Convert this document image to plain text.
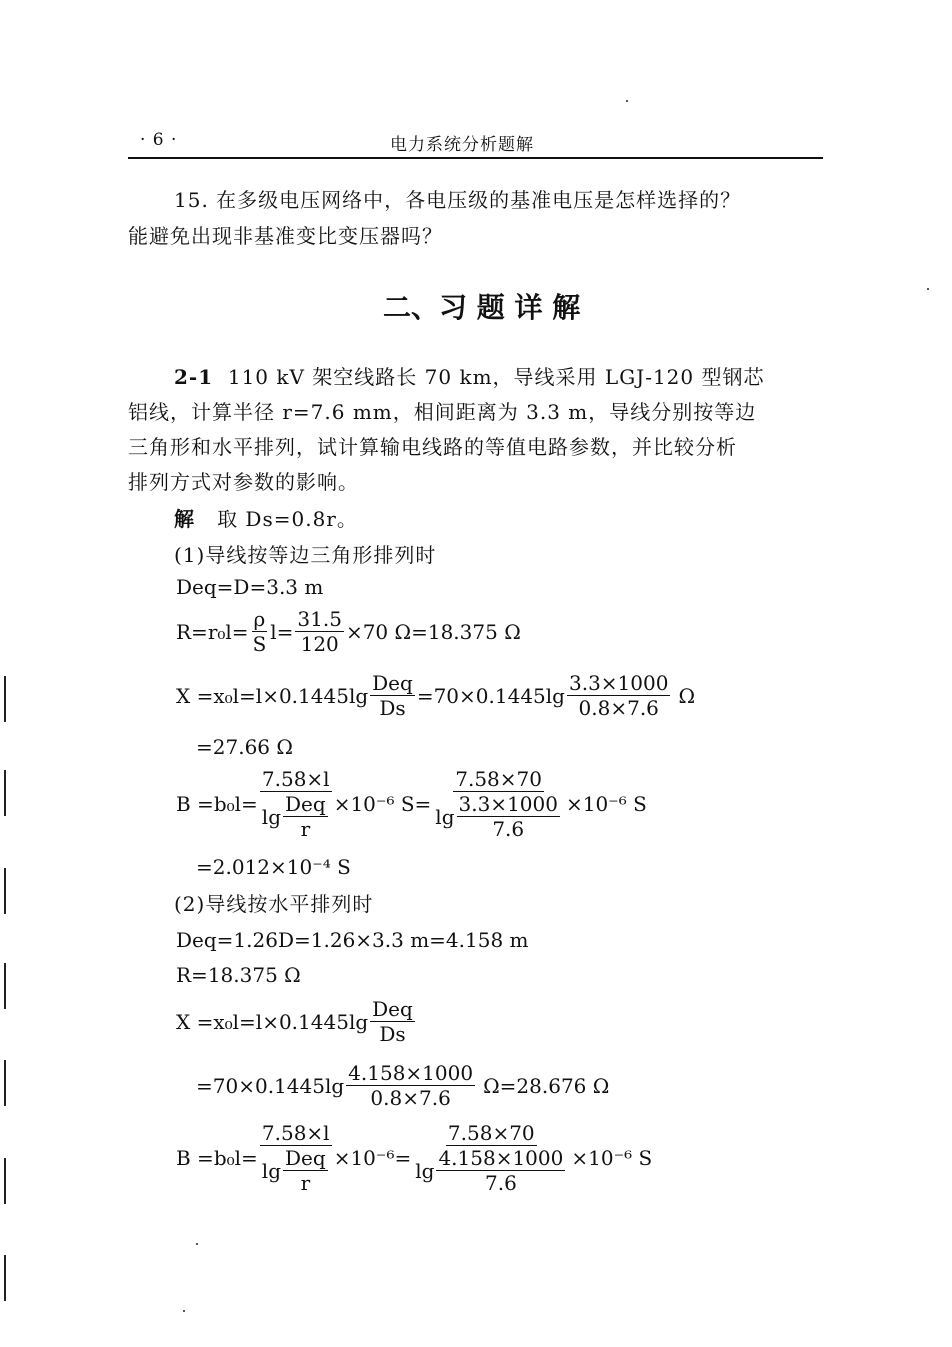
· 6 ·	电力系统分析题解
15. 在多级电压网络中，各电压级的基准电压是怎样选择的？
能避免出现非基准变比变压器吗？
二、习 题 详 解
2-1 110 kV 架空线路长 70 km，导线采用 LGJ-120 型钢芯
铝线，计算半径 r=7.6 mm，相间距离为 3.3 m，导线分别按等边
三角形和水平排列，试计算输电线路的等值电路参数，并比较分析
排列方式对参数的影响。
解 取 Ds=0.8r。
(1)导线按等边三角形排列时
Deq=D=3.3 m
$R=r_0l= \frac{\rho}{S} l= \frac{31.5}{120} \times 70$ Ω=18.375 Ω
$X =x_0l=l\times 0.1445\lg \frac{\text{Deq}}{Ds} =70\times 0.1445\lg \frac{3.3\times 1000}{0.8\times 7.6}$ Ω
=27.66 Ω
$B =b_0l= \frac{7.58\times l}{\lg \frac{\text{Deq}}{r}} \times 10^{-6}$ $S= \frac{7.58\times 70}{\lg \frac{3.3\times 1000}{7.6}} \times 10^{-6}$ S
=2.012×10⁻⁴ S
(2)导线按水平排列时
Deq=1.26D=1.26×3.3 m=4.158 m
R=18.375 Ω
$X =x_0l=l\times 0.1445\lg \frac{\text{Deq}}{Ds}$
$=70\times 0.1445\lg \frac{4.158\times 1000}{0.8\times 7.6} \Omega=28.676$ Ω
$B =b_0l= \frac{7.58\times l}{\lg \frac{\text{Deq}}{r}} \times 10^{-6}= \frac{7.58\times 70}{\lg \frac{4.158\times 1000}{7.6}} \times 10^{-6}$ S
